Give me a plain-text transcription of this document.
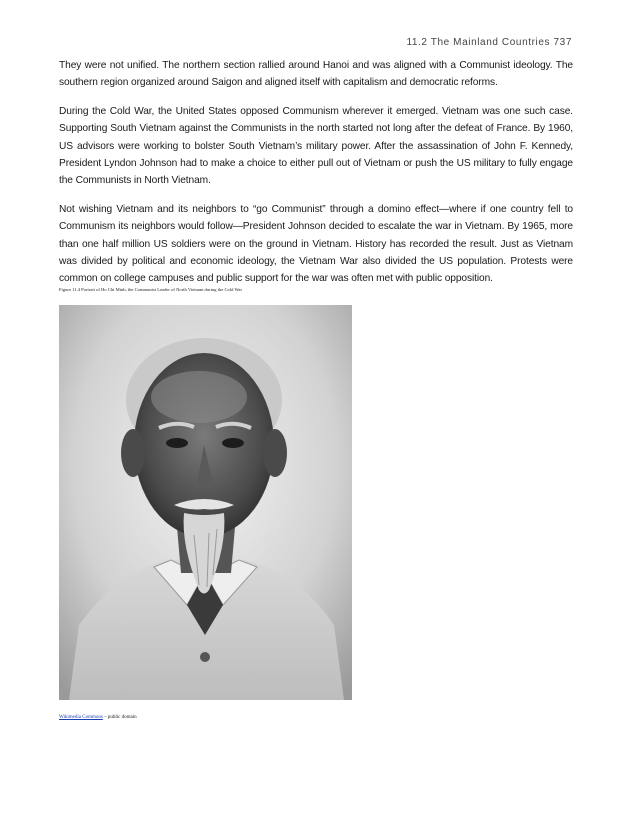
11.2 The Mainland Countries 737

They were not unified. The northern section rallied around Hanoi and was aligned with a Communist ideology. The southern region organized around Saigon and aligned itself with capitalism and democratic reforms.

During the Cold War, the United States opposed Communism wherever it emerged. Vietnam was one such case. Supporting South Vietnam against the Communists in the north started not long after the defeat of France. By 1960, US advisors were working to bolster South Vietnam’s military power. After the assassination of John F. Kennedy, President Lyndon Johnson had to make a choice to either pull out of Vietnam or push the US military to fully engage the Communists in North Vietnam.

Not wishing Vietnam and its neighbors to “go Communist” through a domino effect—where if one country fell to Communism its neighbors would follow—President Johnson decided to escalate the war in Vietnam. By 1965, more than one half million US soldiers were on the ground in Vietnam. History has recorded the result. Just as Vietnam was divided by political and economic ideology, the Vietnam War also divided the US population. Protests were common on college campuses and public support for the war was often met with public opposition.

Figure 11.4 Portrait of Ho Chi Minh, the Communist Leader of North Vietnam during the Cold War
Wikimedia Commons – public domain
